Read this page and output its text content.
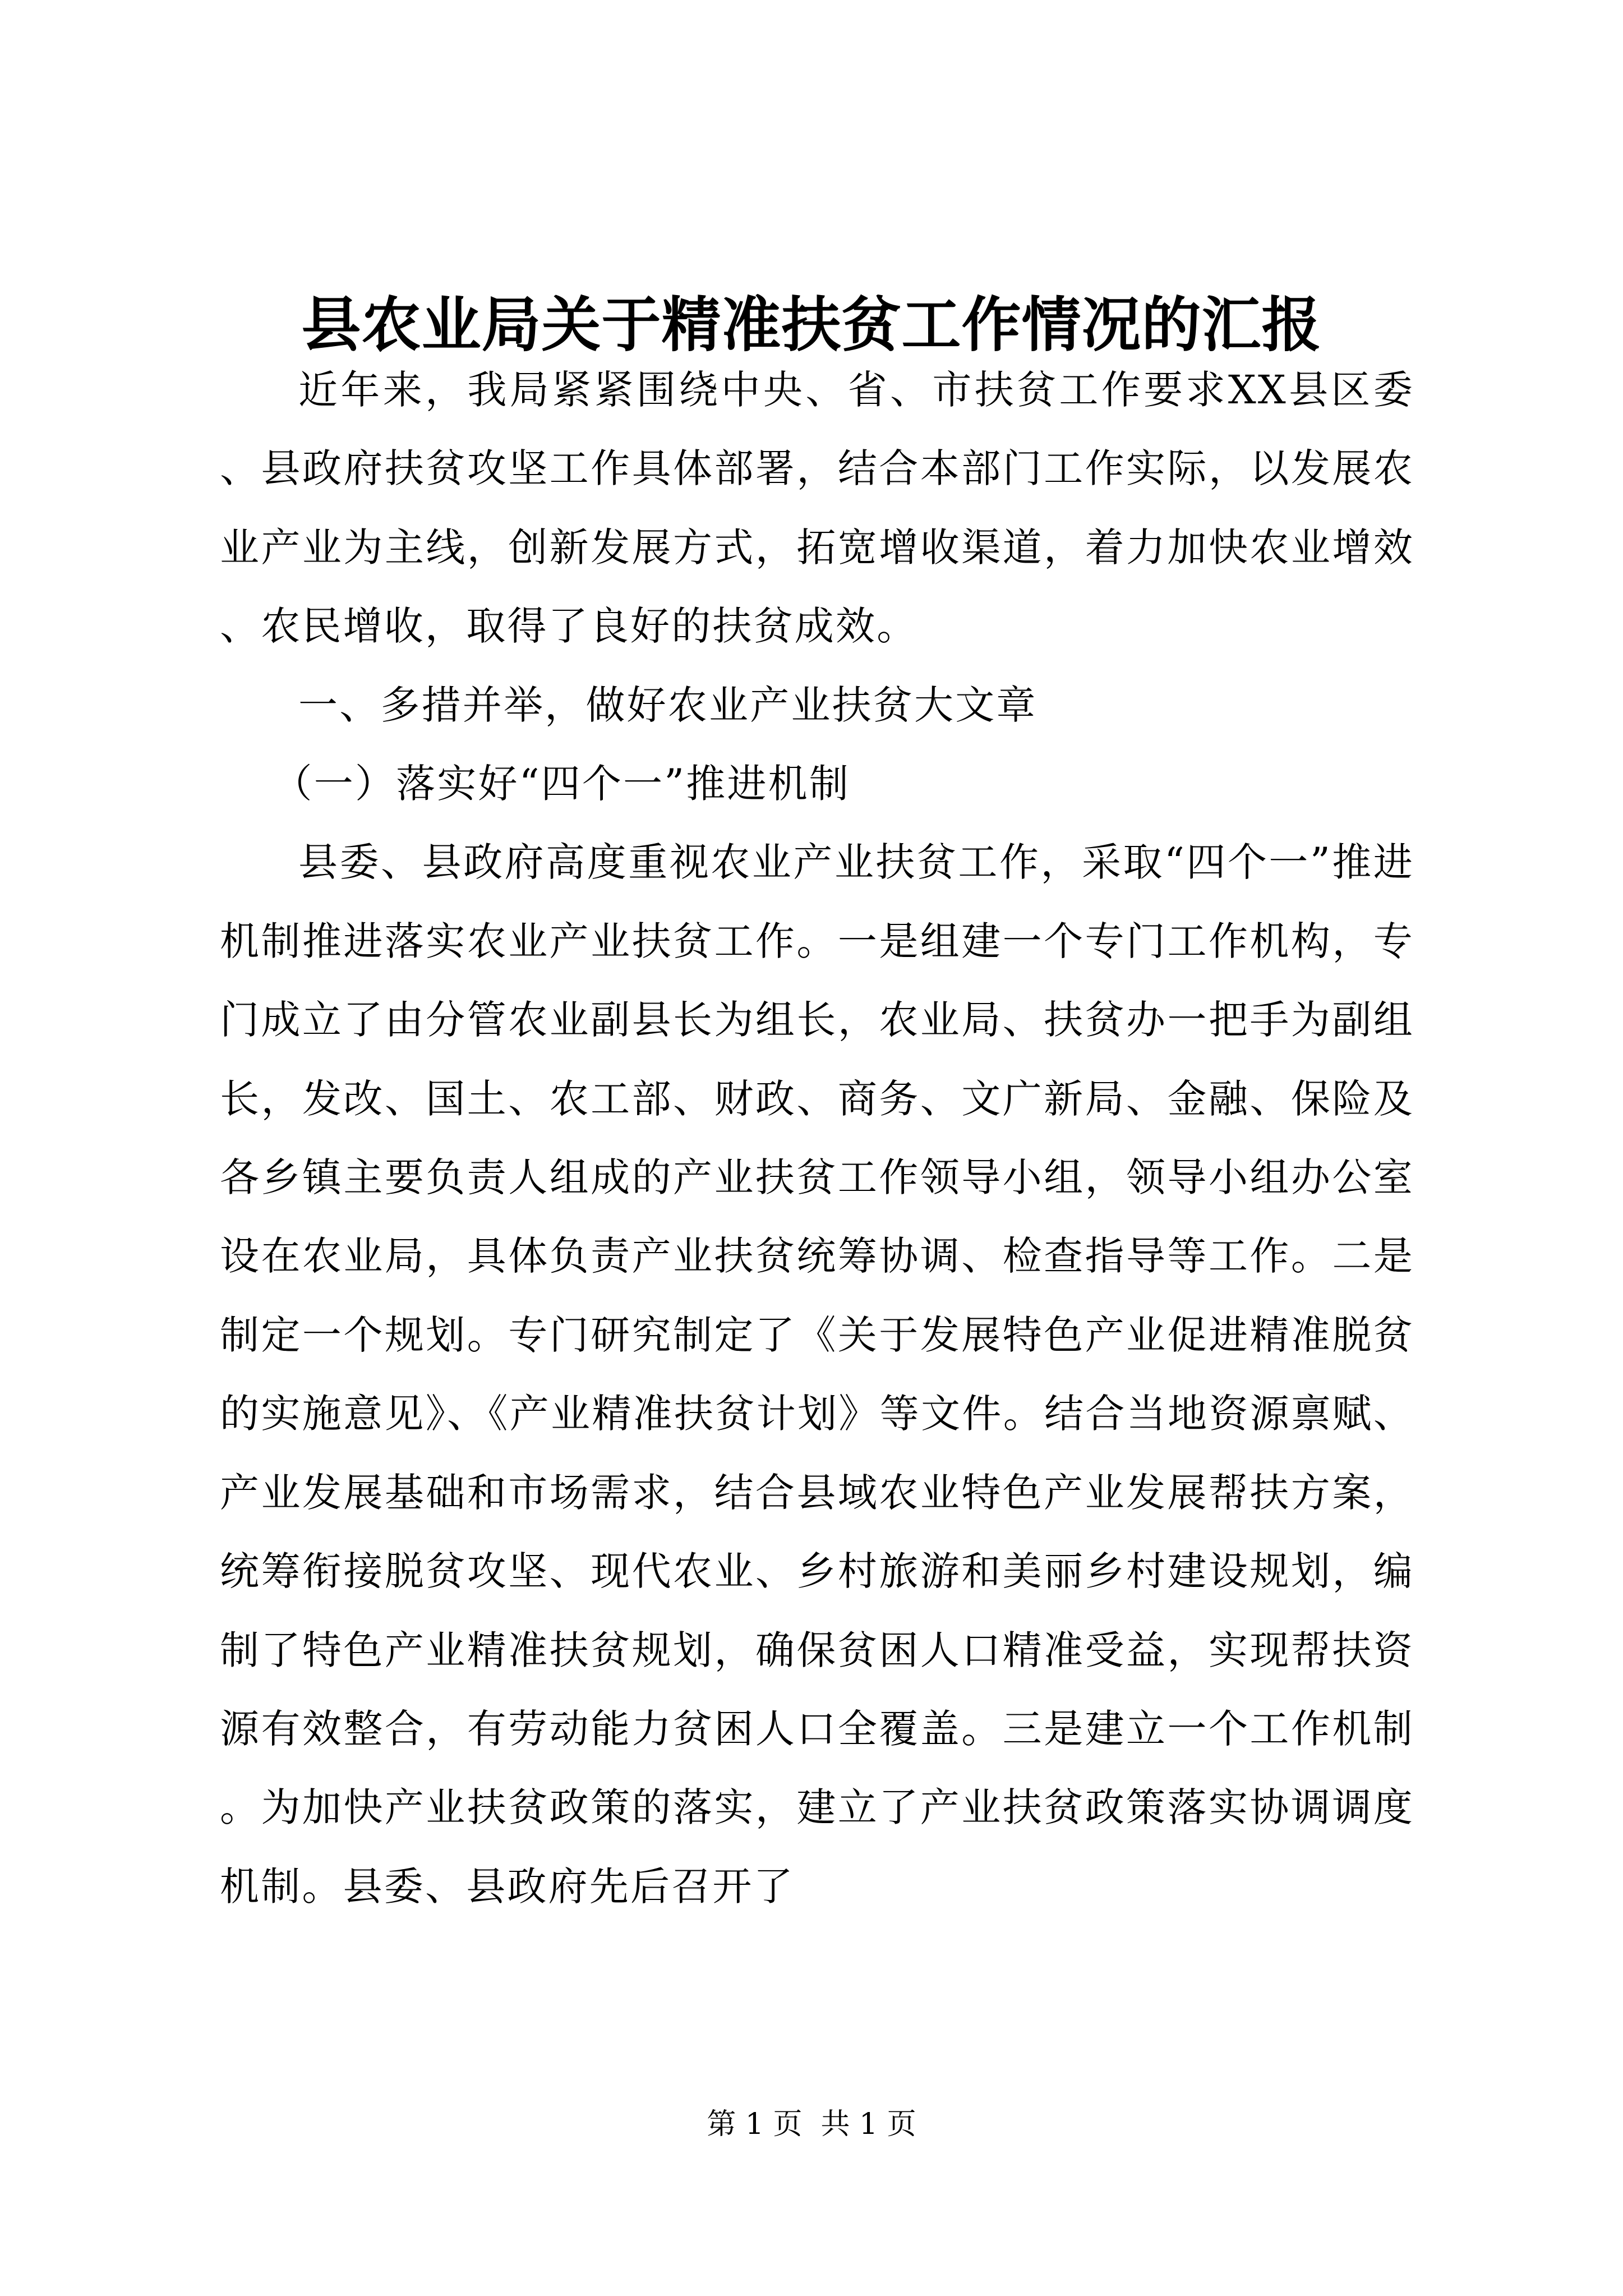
县农业局关于精准扶贫工作情况的汇报

近年来，我局紧紧围绕中央、省、市扶贫工作要求XX县区委、县政府扶贫攻坚工作具体部署，结合本部门工作实际，以发展农业产业为主线，创新发展方式，拓宽增收渠道，着力加快农业增效、农民增收，取得了良好的扶贫成效。

一、多措并举，做好农业产业扶贫大文章

（一）落实好“四个一”推进机制

县委、县政府高度重视农业产业扶贫工作，采取“四个一”推进机制推进落实农业产业扶贫工作。一是组建一个专门工作机构，专门成立了由分管农业副县长为组长，农业局、扶贫办一把手为副组长，发改、国土、农工部、财政、商务、文广新局、金融、保险及各乡镇主要负责人组成的产业扶贫工作领导小组，领导小组办公室设在农业局，具体负责产业扶贫统筹协调、检查指导等工作。二是制定一个规划。专门研究制定了《关于发展特色产业促进精准脱贫的实施意见》、《产业精准扶贫计划》等文件。结合当地资源禀赋、产业发展基础和市场需求，结合县域农业特色产业发展帮扶方案，统筹衔接脱贫攻坚、现代农业、乡村旅游和美丽乡村建设规划，编制了特色产业精准扶贫规划，确保贫困人口精准受益，实现帮扶资源有效整合，有劳动能力贫困人口全覆盖。三是建立一个工作机制。为加快产业扶贫政策的落实，建立了产业扶贫政策落实协调调度机制。县委、县政府先后召开了

第 1 页  共 1 页
